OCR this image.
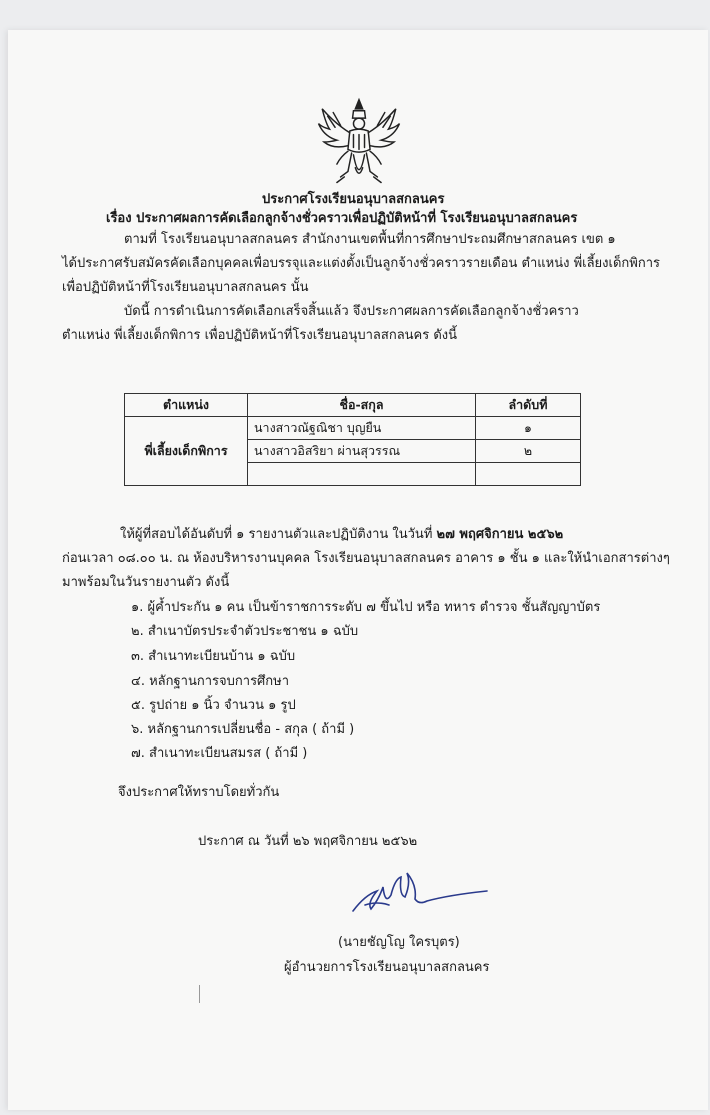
ประกาศโรงเรียนอนุบาลสกลนคร
เรื่อง ประกาศผลการคัดเลือกลูกจ้างชั่วคราวเพื่อปฏิบัติหน้าที่ โรงเรียนอนุบาลสกลนคร
ตามที่ โรงเรียนอนุบาลสกลนคร สำนักงานเขตพื้นที่การศึกษาประถมศึกษาสกลนคร เขต ๑
ได้ประกาศรับสมัครคัดเลือกบุคคลเพื่อบรรจุและแต่งตั้งเป็นลูกจ้างชั่วคราวรายเดือน ตำแหน่ง พี่เลี้ยงเด็กพิการ
เพื่อปฏิบัติหน้าที่โรงเรียนอนุบาลสกลนคร นั้น
บัดนี้ การดำเนินการคัดเลือกเสร็จสิ้นแล้ว จึงประกาศผลการคัดเลือกลูกจ้างชั่วคราว
ตำแหน่ง พี่เลี้ยงเด็กพิการ เพื่อปฏิบัติหน้าที่โรงเรียนอนุบาลสกลนคร ดังนี้
ตำแหน่ง	ชื่อ-สกุล	ลำดับที่
พี่เลี้ยงเด็กพิการ	นางสาวณัฐณิชา บุญยืน	๑
	นางสาวอิสริยา ผ่านสุวรรณ	๒

ให้ผู้ที่สอบได้อันดับที่ ๑ รายงานตัวและปฏิบัติงาน ในวันที่ ๒๗ พฤศจิกายน ๒๕๖๒
ก่อนเวลา ๐๘.๐๐ น. ณ ห้องบริหารงานบุคคล โรงเรียนอนุบาลสกลนคร อาคาร ๑ ชั้น ๑ และให้นำเอกสารต่างๆ
มาพร้อมในวันรายงานตัว ดังนี้
๑. ผู้ค้ำประกัน ๑ คน เป็นข้าราชการระดับ ๗ ขึ้นไป หรือ ทหาร ตำรวจ ชั้นสัญญาบัตร
๒. สำเนาบัตรประจำตัวประชาชน ๑ ฉบับ
๓. สำเนาทะเบียนบ้าน ๑ ฉบับ
๔. หลักฐานการจบการศึกษา
๕. รูปถ่าย ๑ นิ้ว จำนวน ๑ รูป
๖. หลักฐานการเปลี่ยนชื่อ - สกุล ( ถ้ามี )
๗. สำเนาทะเบียนสมรส ( ถ้ามี )
จึงประกาศให้ทราบโดยทั่วกัน
ประกาศ ณ วันที่ ๒๖ พฤศจิกายน ๒๕๖๒
(นายชัญโญ ใครบุตร)
ผู้อำนวยการโรงเรียนอนุบาลสกลนคร
